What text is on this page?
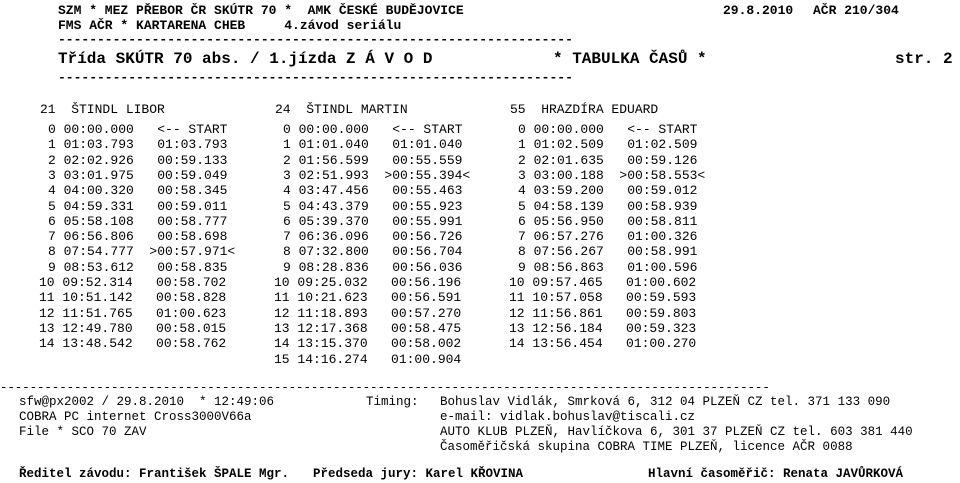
SZM * MEZ PŘEBOR ČR SKÚTR 70 *  AMK ČESKÉ BUDĚJOVICE	29.8.2010 AČR 210/304
FMS AČR * KARTARENA CHEB     4.závod seriálu
------------------------------------------------------------------
Třída SKÚTR 70 abs. / 1.jízda Z Á V O D	* TABULKA ČASŮ *	str. 2
------------------------------------------------------------------
21  ŠTINDL LIBOR
0 00:00.000   <-- START
1 01:03.793   01:03.793
2 02:02.926   00:59.133
3 03:01.975   00:59.049
4 04:00.320   00:58.345
5 04:59.331   00:59.011
6 05:58.108   00:58.777
7 06:56.806   00:58.698
8 07:54.777  >00:57.971<
9 08:53.612   00:58.835
10 09:52.314   00:58.702
11 10:51.142   00:58.828
12 11:51.765   01:00.623
13 12:49.780   00:58.015
14 13:48.542   00:58.762
24  ŠTINDL MARTIN
0 00:00.000   <-- START
1 01:01.040   01:01.040
2 01:56.599   00:55.559
3 02:51.993  >00:55.394<
4 03:47.456   00:55.463
5 04:43.379   00:55.923
6 05:39.370   00:55.991
7 06:36.096   00:56.726
8 07:32.800   00:56.704
9 08:28.836   00:56.036
10 09:25.032   00:56.196
11 10:21.623   00:56.591
12 11:18.893   00:57.270
13 12:17.368   00:58.475
14 13:15.370   00:58.002
15 14:16.274   01:00.904
55  HRAZDÍRA EDUARD
0 00:00.000   <-- START
1 01:02.509   01:02.509
2 02:01.635   00:59.126
3 03:00.188  >00:58.553<
4 03:59.200   00:59.012
5 04:58.139   00:58.939
6 05:56.950   00:58.811
7 06:57.276   01:00.326
8 07:56.267   00:58.991
9 08:56.863   01:00.596
10 09:57.465   01:00.602
11 10:57.058   00:59.593
12 11:56.861   00:59.803
13 12:56.184   00:59.323
14 13:56.454   01:00.270
--------------------------------------------------------------------------------------------------------
sfw@px2002 / 29.8.2010  * 12:49:06
COBRA PC internet Cross3000V66a
File * SCO 70 ZAV
Timing: Bohuslav Vidlák, Smrková 6, 312 04 PLZEŇ CZ tel. 371 133 090
e-mail: vidlak.bohuslav@tiscali.cz
AUTO KLUB PLZEŇ, Havlíčkova 6, 301 37 PLZEŇ CZ tel. 603 381 440
Časoměřičská skupina COBRA TIME PLZEŇ, licence AČR 0088
Ředitel závodu: František ŠPALE Mgr. Předseda jury: Karel KŘOVINA	Hlavní časoměřič: Renata JAVŮRKOVÁ
